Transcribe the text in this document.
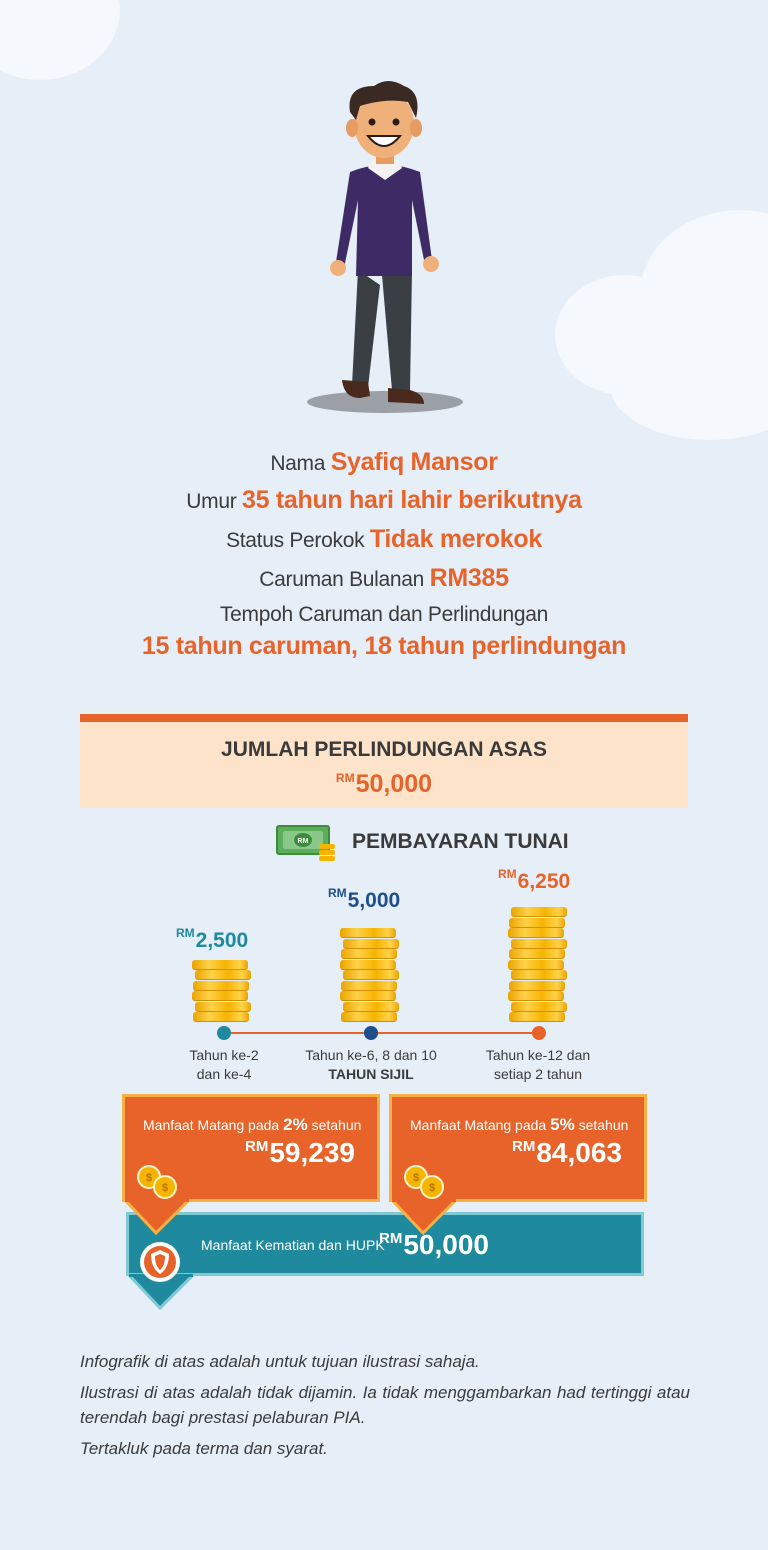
Nama Syafiq Mansor
Umur 35 tahun hari lahir berikutnya
Status Perokok Tidak merokok
Caruman Bulanan RM385
Tempoh Caruman dan Perlindungan
15 tahun caruman, 18 tahun perlindungan
JUMLAH PERLINDUNGAN ASAS
$^{RM}$50,000
RM PEMBAYARAN TUNAI
$^{RM}$2,500
$^{RM}$5,000
$^{RM}$6,250
Tahun ke-2
dan ke-4
Tahun ke-6, 8 dan 10
TAHUN SIJIL
Tahun ke-12 dan
setiap 2 tahun
Manfaat Kematian dan HUPK
$^{RM}$50,000
Manfaat Matang pada 2% setahun
$^{RM}$59,239
$
$
Manfaat Matang pada 5% setahun
$^{RM}$84,063
$
$
Infografik di atas adalah untuk tujuan ilustrasi sahaja.
Ilustrasi di atas adalah tidak dijamin. Ia tidak menggambarkan had tertinggi atau terendah bagi prestasi pelaburan PIA.
Tertakluk pada terma dan syarat.
